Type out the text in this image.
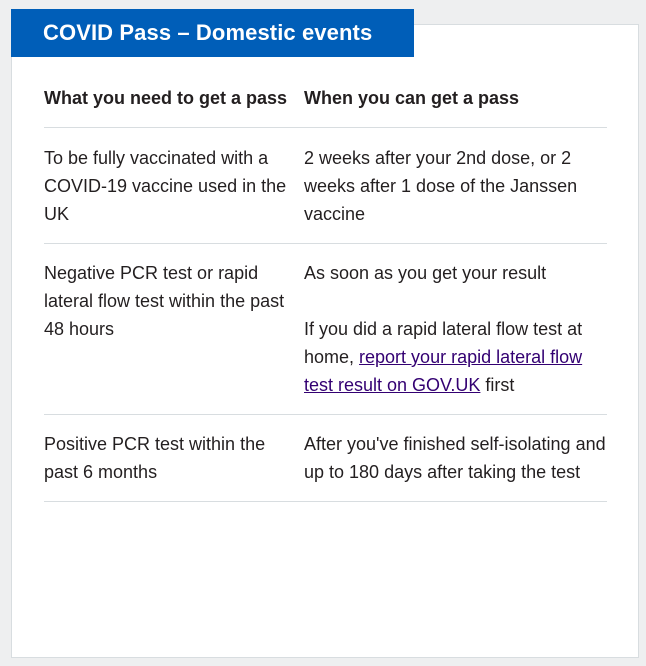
COVID Pass – Domestic events
What you need to get a pass	When you can get a pass
To be fully vaccinated with a COVID-19 vaccine used in the UK	2 weeks after your 2nd dose, or 2 weeks after 1 dose of the Janssen vaccine
Negative PCR test or rapid lateral flow test within the past 48 hours	As soon as you get your result

If you did a rapid lateral flow test at home, report your rapid lateral flow test result on GOV.UK first

Positive PCR test within the past 6 months	After you've finished self-isolating and up to 180 days after taking the test
